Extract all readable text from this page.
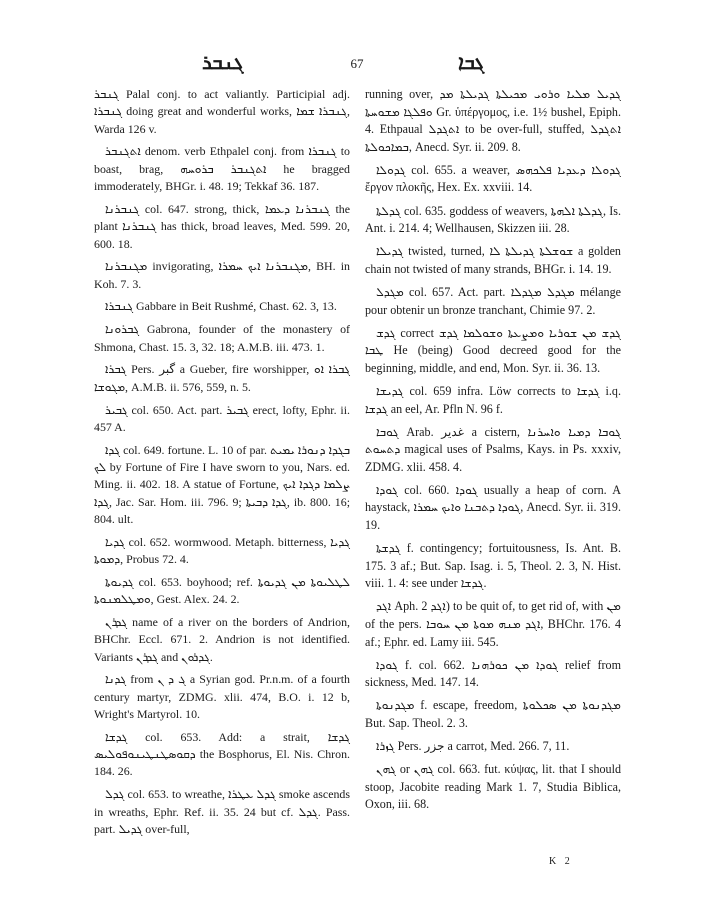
ܓܢܒܪ	67	ܓܒܐ

ܓܢܒܪ Palal conj. to act valiantly. Participial adj. ܓܢܒܪܐ doing great and wonderful works, ܓܢܒܪܐ ܫܡܐ, Warda 126 v.

ܐܬܓܢܒܪ denom. verb Ethpalel conj. from ܓܢܒܪܐ to boast, brag, ܐܬܓܢܒܪ ܒܪܘܚܗ he bragged immoderately, BHGr. i. 48. 19; Tekkaf 36. 187.

ܓܢܒܪܢܐ col. 647. strong, thick, ܓܢܒܪܢܐ ܕܥܡܐ the plant ܓܢܒܪܢܐ has thick, broad leaves, Med. 599. 20, 600. 18.

ܡܓܢܒܪܢܐ invigorating, ܡܓܢܒܪܢܐ ܐܝܟ ܚܡܪܐ, BH. in Koh. 7. 3.

ܓܢܒܪܐ Gabbare in Beit Rushmé, Chast. 62. 3, 13.

ܓܒܪܘܢܐ Gabrona, founder of the monastery of Shmona, Chast. 15. 3, 32. 18; A.M.B. iii. 473. 1.

ܓܒܪܐ Pers. گبر a Gueber, fire worshipper, ܓܒܪܐ ܐܘ ܡܓܘܫܐ, A.M.B. ii. 576, 559, n. 5.

ܓܒܝܪ col. 650. Act. part. ܓܒܝܪ erect, lofty, Ephr. ii. 457 A.

ܓܕܐ col. 649. fortune. L. 10 of par. ܒܓܕܐ ܕܢܘܪܐ ܝܡܝܬ ܠܟ by Fortune of Fire I have sworn to you, Nars. ed. Ming. ii. 402. 18. A statue of Fortune, ܨܠܡܐ ܕܓܕܐ ܐܝܟ ܓܕܐ, Jac. Sar. Hom. iii. 796. 9; ܓܕܐ ܕܒܝܬܐ, ib. 800. 16; 804. ult.

ܓܕܝܐ col. 652. wormwood. Metaph. bitterness, ܓܕܝܐ ܕܡܘܬܐ, Probus 72. 4.

ܓܕܝܘܬܐ col. 653. boyhood; ref. ܠܛܠܝܘܬܐ ܡܢ ܓܕܝܘܬܐ ܘܡܛܠܡܢܘܬܐ, Gest. Alex. 24. 2.

ܓܕܪܢ name of a river on the borders of Andrion, BHChr. Eccl. 671. 2. Andrion is not identified. Variants ܓܕܪܢ and ܓܕܪܘܢ.

ܓܕܢܐ from ܓ ܕ ܢ a Syrian god. Pr.n.m. of a fourth century martyr, ZDMG. xlii. 474, B.O. i. 12 b, Wright's Martyrol. 10.

ܓܕܫܐ col. 653. Add: a strait, ܓܕܫܐ ܕܩܘܣܛܢܛܝܢܘܦܘܠܝܣ the Bosphorus, El. Nis. Chron. 184. 26.

ܓܕܠ col. 653. to wreathe, ܓܕܠ ܥܛܪܐ smoke ascends in wreaths, Ephr. Ref. ii. 35. 24 but cf. ܓܕܠ. Pass. part. ܓܕܝܠ over-full,

running over, ܓܕܝܠ ܡܠܝܐ ܘܪܘܝ ܡܟܝܠܬܐ ܓܕܝܠܬܐ ܡܕ ܘܦܠܓܐ ܡܫܘܚܬܐ Gr. ὑπέργομος, i.e. 1½ bushel, Epiph. 4. Ethpaual ܐܬܓܕܠ to be over-full, stuffed, ܐܬܓܕܠ ܒܡܐܟܘܠܬܐ, Anecd. Syr. ii. 209. 8.

ܓܕܘܠܐ col. 655. a weaver, ܓܕܘܠܐ ܕܥܕܝܐ ܦܠܟܗܣ ἔργον πλοκῆς, Hex. Ex. xxviii. 14.

ܓܕܠܬܐ col. 635. goddess of weavers, ܓܕܠܬܐ ܐܠܗܬܐ, Is. Ant. i. 214. 4; Wellhausen, Skizzen iii. 28.

ܓܕܝܠܐ twisted, turned, ܫܘܫܠܬܐ ܓܕܝܠܬܐ ܠܐ a golden chain not twisted of many strands, BHGr. i. 14. 19.

ܡܓܕܠ col. 657. Act. part. ܡܓܕܠ ܡܓܕܠܐ mélange pour obtenir un bronze tranchant, Chimie 97. 2.

ܓܕܫ correct ܓܕܫ ܡܢ ܫܘܪܝܐ ܘܡܨܥܬܐ ܘܫܘܠܡܐ ܓܕܫ ܛܒܐ He (being) Good decreed good for the beginning, middle, and end, Mon. Syr. ii. 36. 13.

ܓܕܝܫܐ col. 659 infra. Löw corrects to ܓܕܫܐ i.q. ܓܕܫܐ an eel, Ar. Pfln N. 96 f.

ܓܘܒܐ Arab. غدير a cistern, ܓܘܒܐ ܕܡܝܐ ܘܐܚܪܢܐ ܕܬܚܘܬ magical uses of Psalms, Kays. in Ps. xxxiv, ZDMG. xlii. 458. 4.

ܓܘܕܐ col. 660. ܓܘܕܐ usually a heap of corn. A haystack, ܓܘܕܐ ܕܬܒܢܐ ܘܐܝܟ ܚܡܪܐ, Anecd. Syr. ii. 319. 19.

ܓܕܫܬܐ f. contingency; fortuitousness, Is. Ant. B. 175. 3 af.; But. Sap. Isag. i. 5, Theol. 2. 3, N. Hist. viii. 1. 4: see under ܓܕܫܐ.

ܐܓܕ Aph. ܐܓܕ 2) to be quit of, to get rid of, with ܡܢ of the pers. ܐܓܕ ܡܢܗ ܡܘܬܐ ܡܢ ܚܘܒܐ, BHChr. 176. 4 af.; Ephr. ed. Lamy iii. 545.

ܓܘܕܐ f. col. 662. ܓܘܕܐ ܡܢ ܟܘܪܗܢܐ relief from sickness, Med. 147. 14.

ܡܓܕܢܘܬܐ f. escape, freedom, ܡܓܕܢܘܬܐ ܡܢ ܣܟܠܘܬܐ But. Sap. Theol. 2. 3.

ܓܙܪܐ Pers. جزر a carrot, Med. 266. 7, 11.

ܓܗܢ or ܓܗܢ col. 663. fut. κύψας, lit. that I should stoop, Jacobite reading Mark 1. 7, Studia Biblica, Oxon, iii. 68.

K 2
